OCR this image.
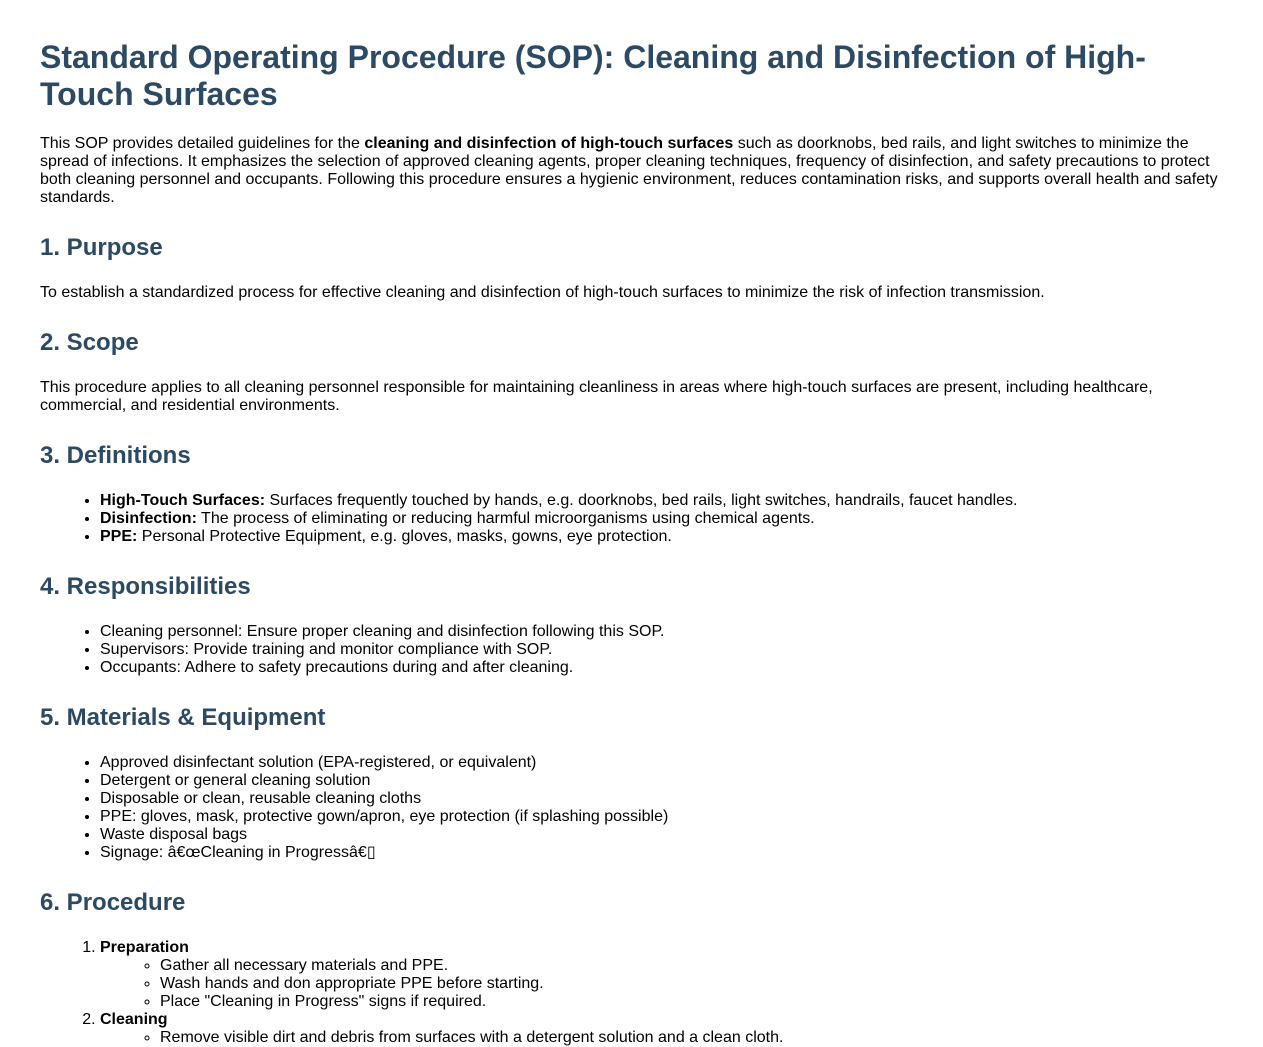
Standard Operating Procedure (SOP): Cleaning and Disinfection of High-Touch Surfaces

This SOP provides detailed guidelines for the cleaning and disinfection of high-touch surfaces such as doorknobs, bed rails, and light switches to minimize the spread of infections. It emphasizes the selection of approved cleaning agents, proper cleaning techniques, frequency of disinfection, and safety precautions to protect both cleaning personnel and occupants. Following this procedure ensures a hygienic environment, reduces contamination risks, and supports overall health and safety standards.

1. Purpose

To establish a standardized process for effective cleaning and disinfection of high-touch surfaces to minimize the risk of infection transmission.

2. Scope

This procedure applies to all cleaning personnel responsible for maintaining cleanliness in areas where high-touch surfaces are present, including healthcare, commercial, and residential environments.

3. Definitions
• High-Touch Surfaces: Surfaces frequently touched by hands, e.g. doorknobs, bed rails, light switches, handrails, faucet handles.
• Disinfection: The process of eliminating or reducing harmful microorganisms using chemical agents.
• PPE: Personal Protective Equipment, e.g. gloves, masks, gowns, eye protection.
4. Responsibilities
• Cleaning personnel: Ensure proper cleaning and disinfection following this SOP.
• Supervisors: Provide training and monitor compliance with SOP.
• Occupants: Adhere to safety precautions during and after cleaning.
5. Materials & Equipment
• Approved disinfectant solution (EPA-registered, or equivalent)
• Detergent or general cleaning solution
• Disposable or clean, reusable cleaning cloths
• PPE: gloves, mask, protective gown/apron, eye protection (if splashing possible)
• Waste disposal bags
• Signage: â€œCleaning in Progressâ€▯
6. Procedure
1. Preparation
◦ Gather all necessary materials and PPE.
◦ Wash hands and don appropriate PPE before starting.
◦ Place "Cleaning in Progress" signs if required.
2. Cleaning
◦ Remove visible dirt and debris from surfaces with a detergent solution and a clean cloth.
